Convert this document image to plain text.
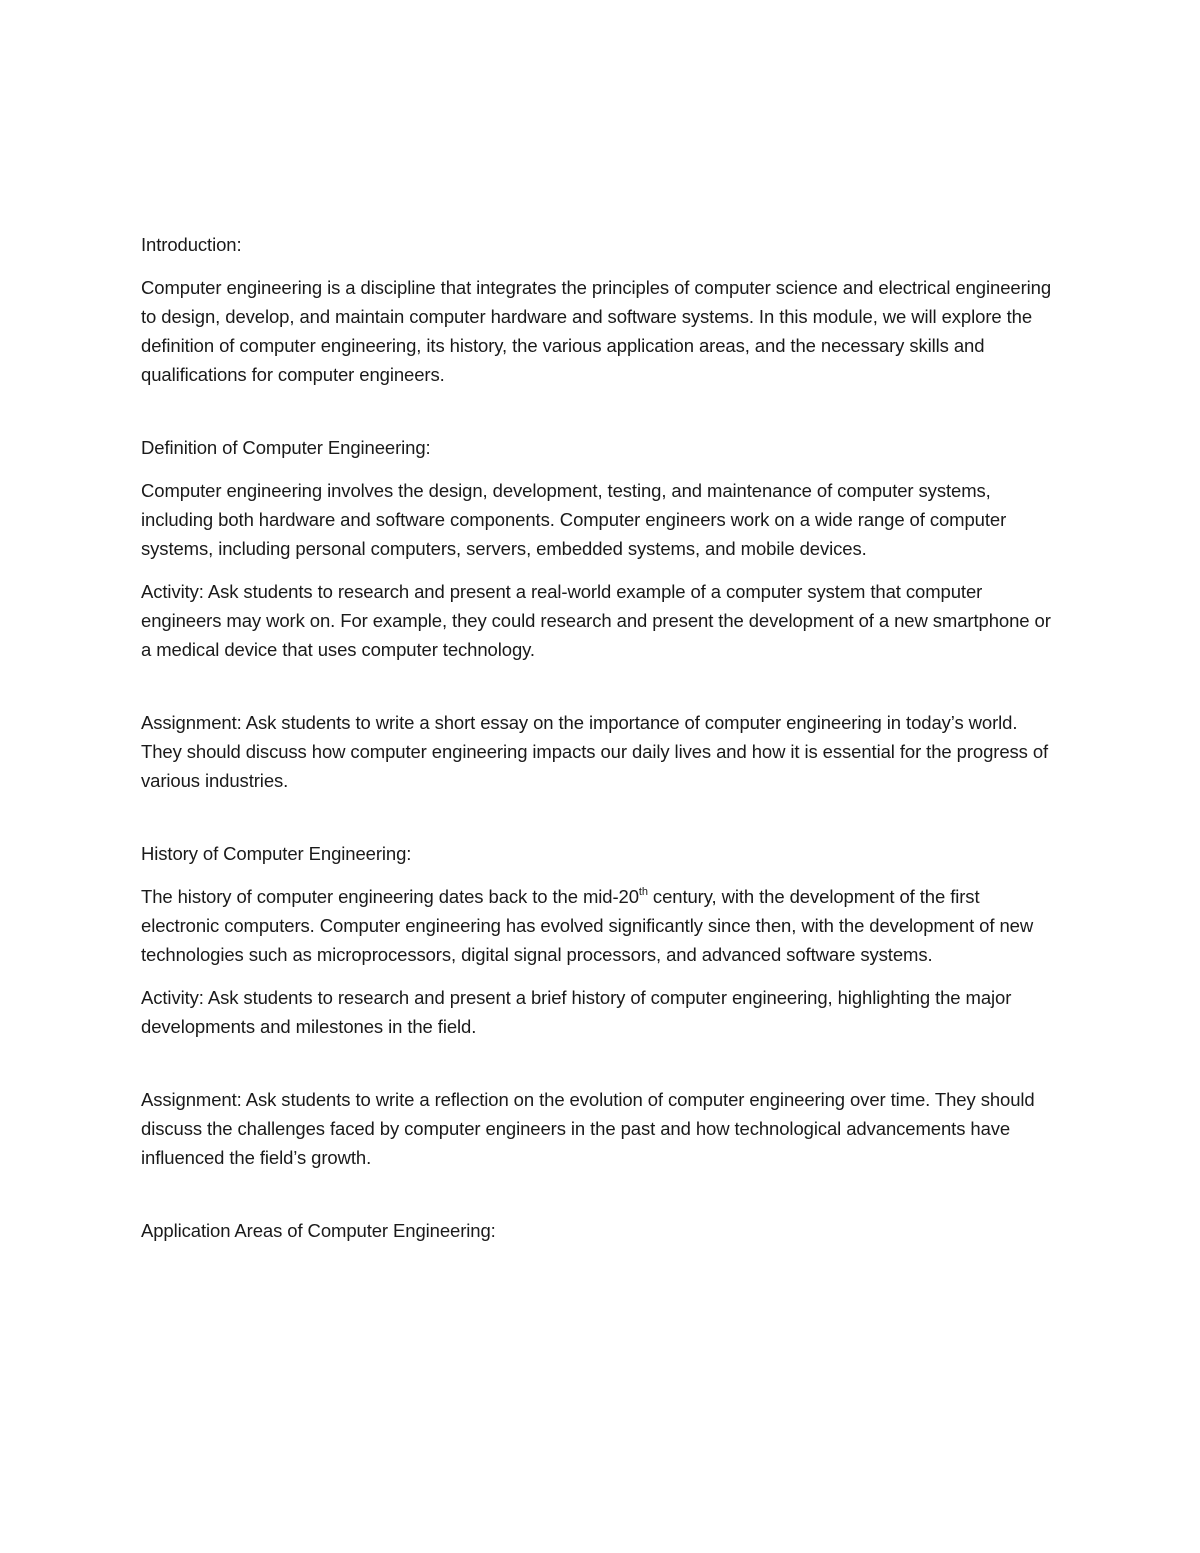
Introduction:

Computer engineering is a discipline that integrates the principles of computer science and electrical engineering to design, develop, and maintain computer hardware and software systems. In this module, we will explore the definition of computer engineering, its history, the various application areas, and the necessary skills and qualifications for computer engineers.

Definition of Computer Engineering:

Computer engineering involves the design, development, testing, and maintenance of computer systems, including both hardware and software components. Computer engineers work on a wide range of computer systems, including personal computers, servers, embedded systems, and mobile devices.

Activity: Ask students to research and present a real-world example of a computer system that computer engineers may work on. For example, they could research and present the development of a new smartphone or a medical device that uses computer technology.

Assignment: Ask students to write a short essay on the importance of computer engineering in today’s world. They should discuss how computer engineering impacts our daily lives and how it is essential for the progress of various industries.

History of Computer Engineering:

The history of computer engineering dates back to the mid-20th century, with the development of the first electronic computers. Computer engineering has evolved significantly since then, with the development of new technologies such as microprocessors, digital signal processors, and advanced software systems.

Activity: Ask students to research and present a brief history of computer engineering, highlighting the major developments and milestones in the field.

Assignment: Ask students to write a reflection on the evolution of computer engineering over time. They should discuss the challenges faced by computer engineers in the past and how technological advancements have influenced the field’s growth.

Application Areas of Computer Engineering:
